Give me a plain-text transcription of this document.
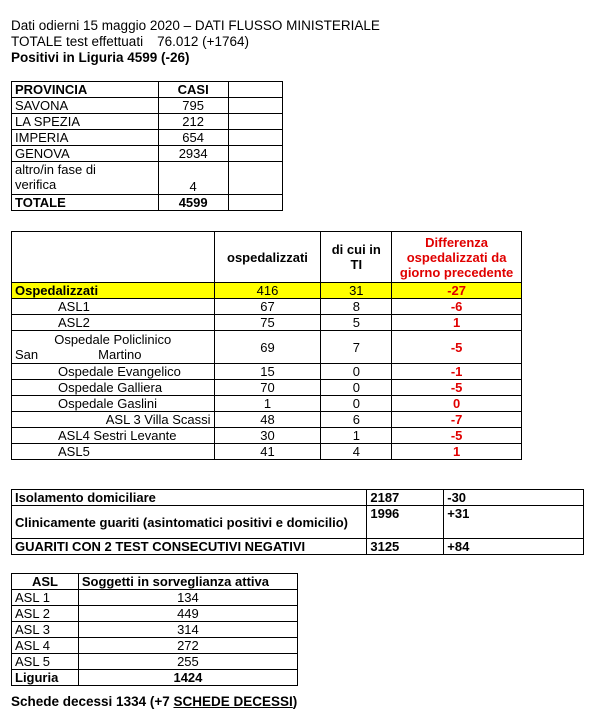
Dati odierni 15 maggio 2020 – DATI FLUSSO MINISTERIALE
TOTALE test effettuati 76.012 (+1764)
Positivi in Liguria 4599 (-26)
PROVINCIA	CASI	
SAVONA	795	
LA SPEZIA	212	
IMPERIA	654	
GENOVA	2934	
altro/in fase di
verifica	4	
TOTALE	4599	
	ospedalizzati	di cui in TI	Differenza ospedalizzati da giorno precedente
Ospedalizzati	416	31	-27
ASL1	67	8	-6
ASL2	75	5	1

Ospedale Policlinico
San Martino	69	7	-5
Ospedale Evangelico	15	0	-1
Ospedale Galliera	70	0	-5
Ospedale Gaslini	1	0	0
ASL 3 Villa Scassi	48	6	-7
ASL4 Sestri Levante	30	1	-5
ASL5	41	4	1
Isolamento domiciliare	2187	-30
Clinicamente guariti (asintomatici positivi e domicilio)	1996	+31
GUARITI CON 2 TEST CONSECUTIVI NEGATIVI	3125	+84
ASL	Soggetti in sorveglianza attiva
ASL 1	134
ASL 2	449
ASL 3	314
ASL 4	272
ASL 5	255
Liguria	1424
Schede decessi 1334 (+7 SCHEDE DECESSI)
